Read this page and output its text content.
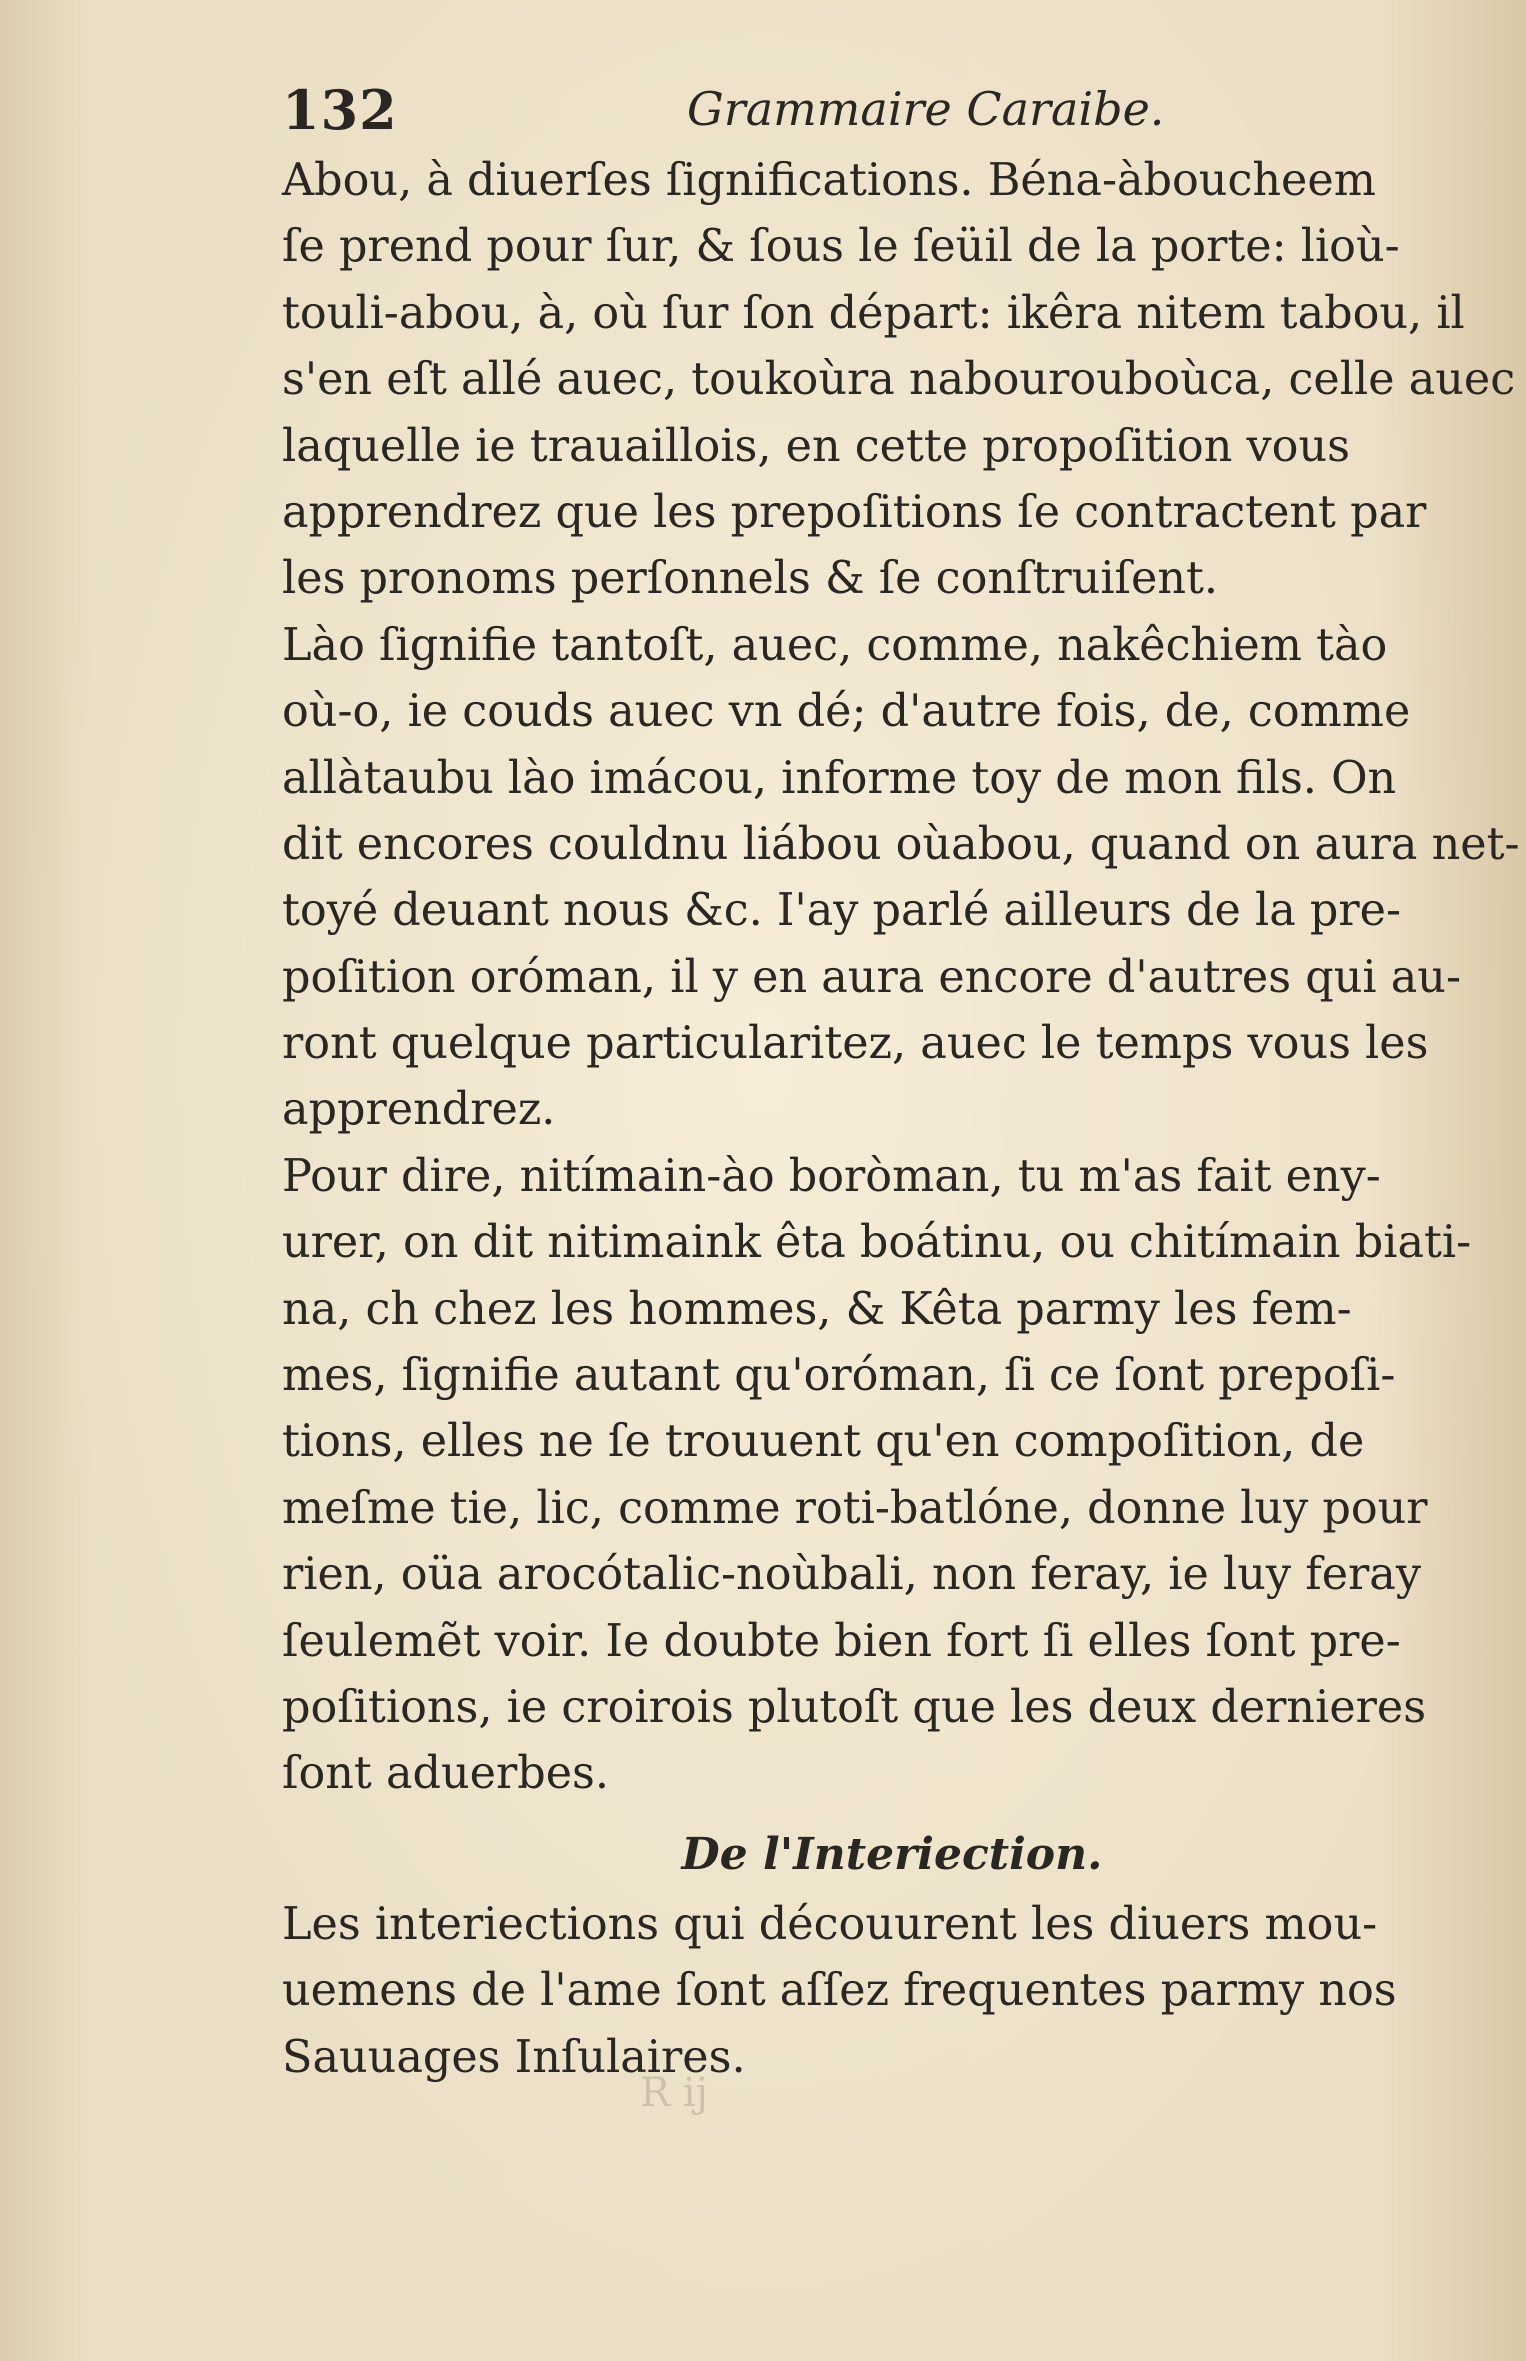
132	Grammaire Caraibe.
Abou, à diuerſes ſignifications. Béna-àboucheem
ſe prend pour ſur, & ſous le ſeüil de la porte: lioù-
touli-abou, à, où ſur ſon départ: ikêra nitem tabou, il
s'en eſt allé auec, toukoùra nabourouboùca, celle auec
laquelle ie trauaillois, en cette propoſition vous
apprendrez que les prepoſitions ſe contractent par
les pronoms perſonnels & ſe conſtruiſent.
Lào ſignifie tantoſt, auec, comme, nakêchiem tào
où-o, ie couds auec vn dé; d'autre fois, de, comme
allàtaubu lào imácou, informe toy de mon fils. On
dit encores couldnu liábou oùabou, quand on aura net-
toyé deuant nous &c. I'ay parlé ailleurs de la pre-
poſition oróman, il y en aura encore d'autres qui au-
ront quelque particularitez, auec le temps vous les
apprendrez.
Pour dire, nitímain-ào boròman, tu m'as fait eny-
urer, on dit nitimaink êta boátinu, ou chitímain biati-
na, ch chez les hommes, & Kêta parmy les fem-
mes, ſignifie autant qu'oróman, ſi ce ſont prepoſi-
tions, elles ne ſe trouuent qu'en compoſition, de
meſme tie, lic, comme roti-batlóne, donne luy pour
rien, oüa arocótalic-noùbali, non feray, ie luy feray
ſeulemẽt voir. Ie doubte bien fort ſi elles ſont pre-
poſitions, ie croirois plutoſt que les deux dernieres
ſont aduerbes.
De l'Interiection.
Les interiections qui découurent les diuers mou-
uemens de l'ame ſont aſſez frequentes parmy nos
Sauuages Inſulaires.
R ij
